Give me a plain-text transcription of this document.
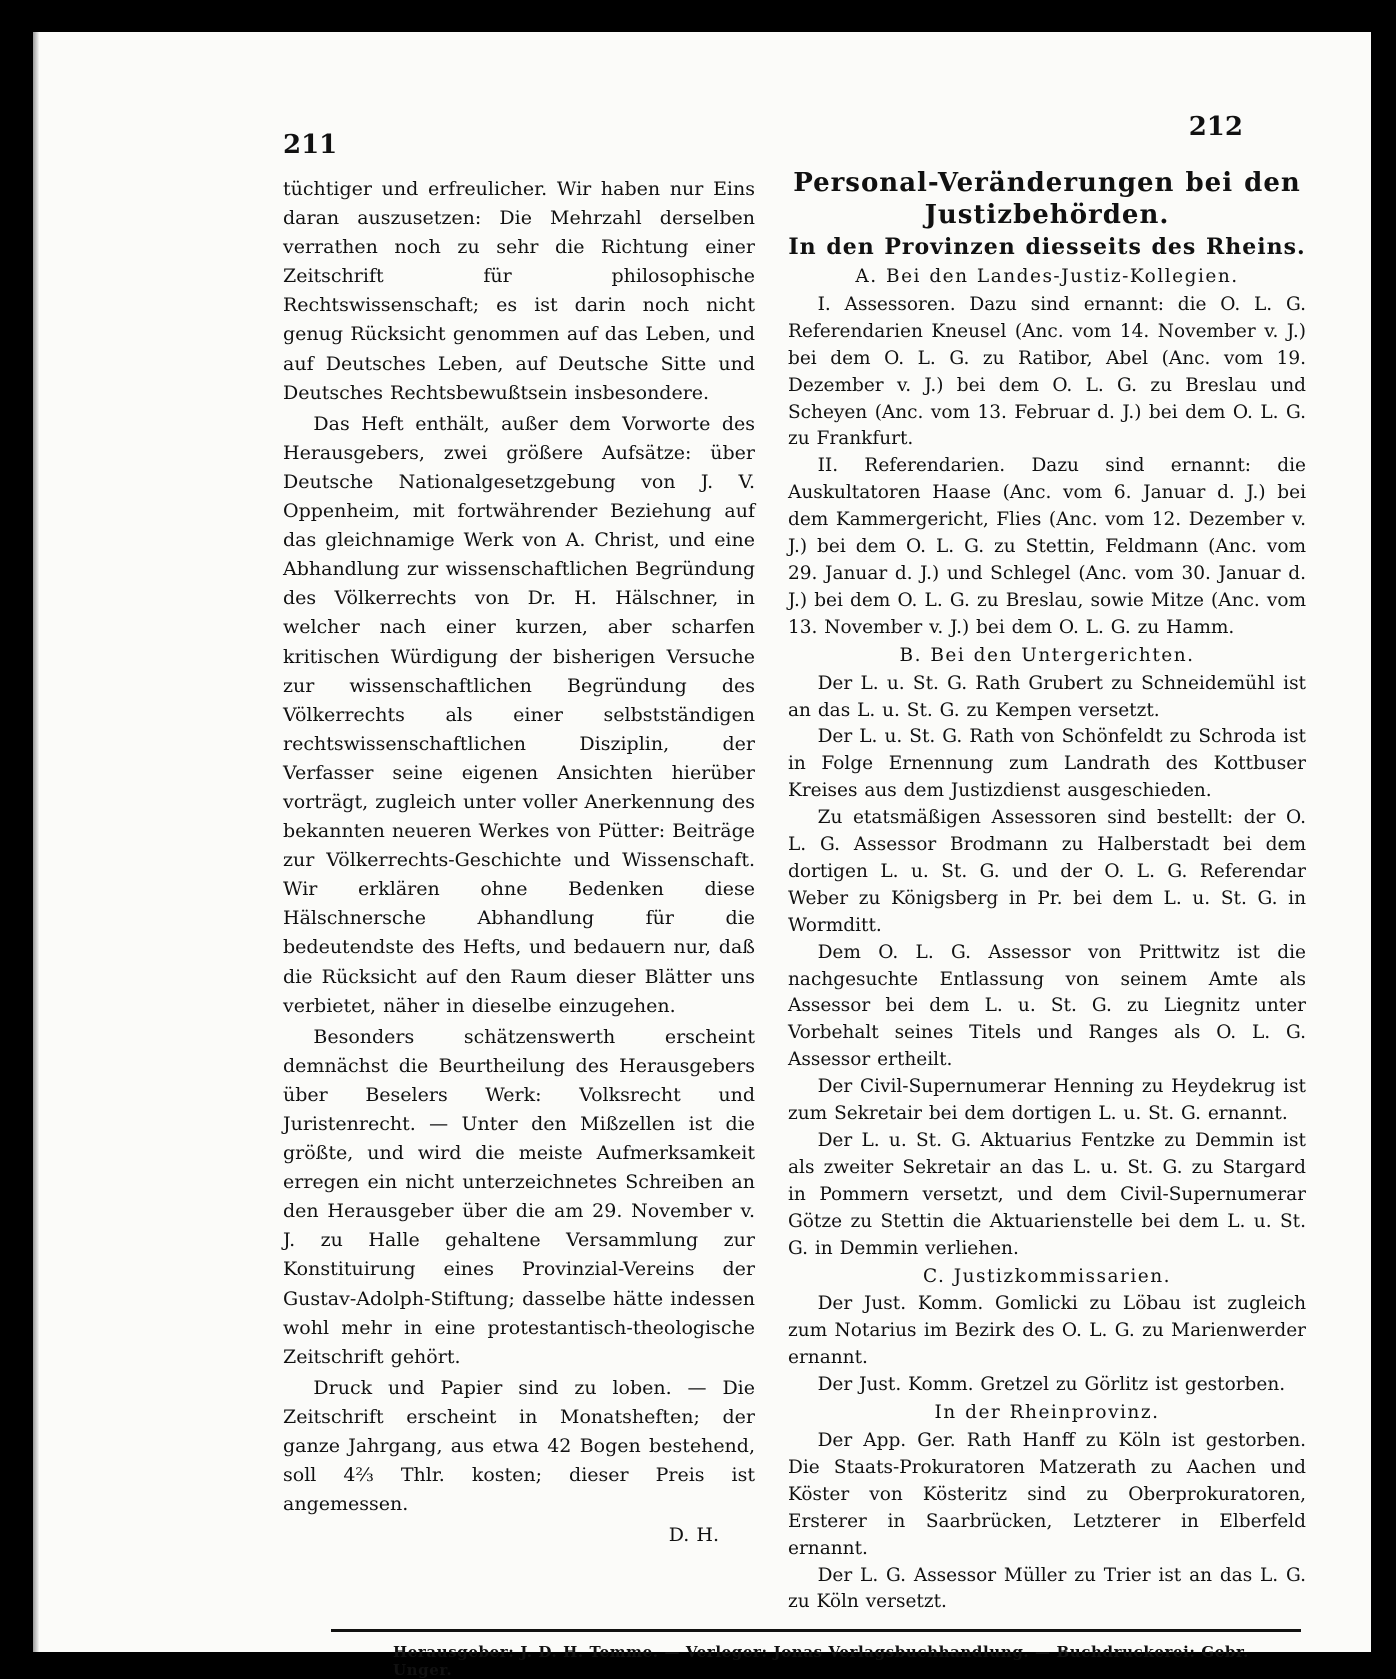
211
212

tüchtiger und erfreulicher. Wir haben nur Eins daran auszusetzen: Die Mehrzahl derselben verrathen noch zu sehr die Richtung einer Zeitschrift für philosophische Rechtswissenschaft; es ist darin noch nicht genug Rücksicht genommen auf das Leben, und auf Deutsches Leben, auf Deutsche Sitte und Deutsches Rechtsbewußtsein insbesondere.

Das Heft enthält, außer dem Vorworte des Herausgebers, zwei größere Aufsätze: über Deutsche Nationalgesetzgebung von J. V. Oppenheim, mit fortwährender Beziehung auf das gleichnamige Werk von A. Christ, und eine Abhandlung zur wissenschaftlichen Begründung des Völkerrechts von Dr. H. Hälschner, in welcher nach einer kurzen, aber scharfen kritischen Würdigung der bisherigen Versuche zur wissenschaftlichen Begründung des Völkerrechts als einer selbstständigen rechtswissenschaftlichen Disziplin, der Verfasser seine eigenen Ansichten hierüber vorträgt, zugleich unter voller Anerkennung des bekannten neueren Werkes von Pütter: Beiträge zur Völkerrechts-Geschichte und Wissenschaft. Wir erklären ohne Bedenken diese Hälschnersche Abhandlung für die bedeutendste des Hefts, und bedauern nur, daß die Rücksicht auf den Raum dieser Blätter uns verbietet, näher in dieselbe einzugehen.

Besonders schätzenswerth erscheint demnächst die Beurtheilung des Herausgebers über Beselers Werk: Volksrecht und Juristenrecht. — Unter den Mißzellen ist die größte, und wird die meiste Aufmerksamkeit erregen ein nicht unterzeichnetes Schreiben an den Herausgeber über die am 29. November v. J. zu Halle gehaltene Versammlung zur Konstituirung eines Provinzial-Vereins der Gustav-Adolph-Stiftung; dasselbe hätte indessen wohl mehr in eine protestantisch-theologische Zeitschrift gehört.

Druck und Papier sind zu loben. — Die Zeitschrift erscheint in Monatsheften; der ganze Jahrgang, aus etwa 42 Bogen bestehend, soll 4⅔ Thlr. kosten; dieser Preis ist angemessen.

D. H.

Personal-Veränderungen bei den Justizbehörden.
In den Provinzen diesseits des Rheins.
A. Bei den Landes-Justiz-Kollegien.

I. Assessoren. Dazu sind ernannt: die O. L. G. Referendarien Kneusel (Anc. vom 14. November v. J.) bei dem O. L. G. zu Ratibor, Abel (Anc. vom 19. Dezember v. J.) bei dem O. L. G. zu Breslau und Scheyen (Anc. vom 13. Februar d. J.) bei dem O. L. G. zu Frankfurt.

II. Referendarien. Dazu sind ernannt: die Auskultatoren Haase (Anc. vom 6. Januar d. J.) bei dem Kammergericht, Flies (Anc. vom 12. Dezember v. J.) bei dem O. L. G. zu Stettin, Feldmann (Anc. vom 29. Januar d. J.) und Schlegel (Anc. vom 30. Januar d. J.) bei dem O. L. G. zu Breslau, sowie Mitze (Anc. vom 13. November v. J.) bei dem O. L. G. zu Hamm.

B. Bei den Untergerichten.

Der L. u. St. G. Rath Grubert zu Schneidemühl ist an das L. u. St. G. zu Kempen versetzt.

Der L. u. St. G. Rath von Schönfeldt zu Schroda ist in Folge Ernennung zum Landrath des Kottbuser Kreises aus dem Justizdienst ausgeschieden.

Zu etatsmäßigen Assessoren sind bestellt: der O. L. G. Assessor Brodmann zu Halberstadt bei dem dortigen L. u. St. G. und der O. L. G. Referendar Weber zu Königsberg in Pr. bei dem L. u. St. G. in Wormditt.

Dem O. L. G. Assessor von Prittwitz ist die nachgesuchte Entlassung von seinem Amte als Assessor bei dem L. u. St. G. zu Liegnitz unter Vorbehalt seines Titels und Ranges als O. L. G. Assessor ertheilt.

Der Civil-Supernumerar Henning zu Heydekrug ist zum Sekretair bei dem dortigen L. u. St. G. ernannt.

Der L. u. St. G. Aktuarius Fentzke zu Demmin ist als zweiter Sekretair an das L. u. St. G. zu Stargard in Pommern versetzt, und dem Civil-Supernumerar Götze zu Stettin die Aktuarienstelle bei dem L. u. St. G. in Demmin verliehen.

C. Justizkommissarien.

Der Just. Komm. Gomlicki zu Löbau ist zugleich zum Notarius im Bezirk des O. L. G. zu Marienwerder ernannt.

Der Just. Komm. Gretzel zu Görlitz ist gestorben.

In der Rheinprovinz.

Der App. Ger. Rath Hanff zu Köln ist gestorben. Die Staats-Prokuratoren Matzerath zu Aachen und Köster von Kösteritz sind zu Oberprokuratoren, Ersterer in Saarbrücken, Letzterer in Elberfeld ernannt.

Der L. G. Assessor Müller zu Trier ist an das L. G. zu Köln versetzt.

Herausgeber: J. D. H. Temme. — Verleger: Jonas Verlagsbuchhandlung. — Buchdruckerei: Gebr. Unger.
